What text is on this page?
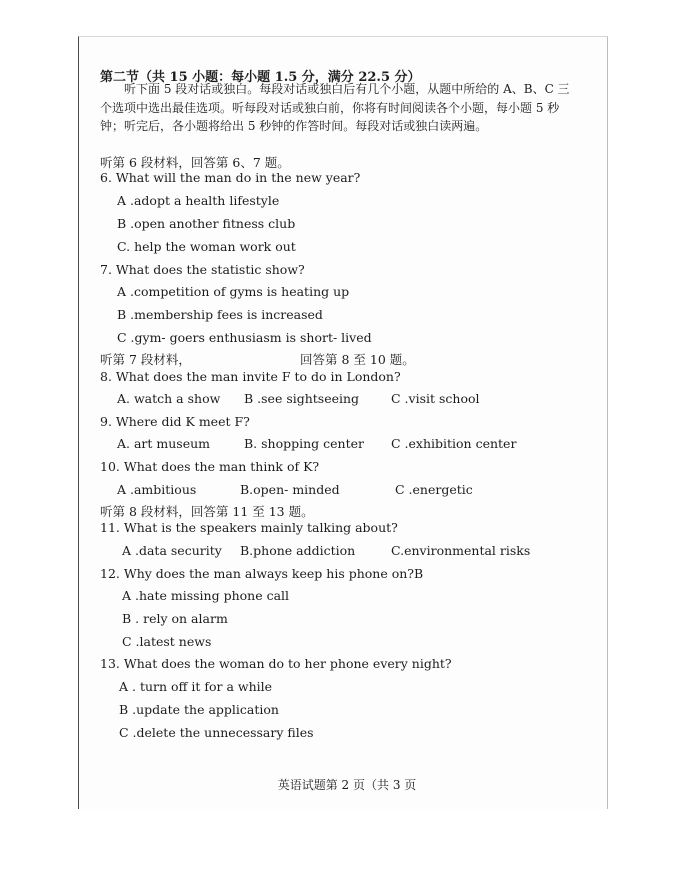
第二节（共 15 小题：每小题 1.5 分，满分 22.5 分）
听下面 5 段对话或独白。每段对话或独白后有几个小题，从题中所给的 A、B、C 三个选项中选出最佳选项。听每段对话或独白前，你将有时间阅读各个小题，每小题 5 秒钟；听完后，各小题将给出 5 秒钟的作答时间。每段对话或独白读两遍。
听第 6 段材料，回答第 6、7 题。
6. What will the man do in the new year?
A .adopt a health lifestyle
B .open another fitness club
C. help the woman work out
7. What does the statistic show?
A .competition of gyms is heating up
B .membership fees is increased
C .gym- goers enthusiasm is short- lived
听第 7 段材料，	回答第 8 至 10 题。
8. What does the man invite F to do in London?
A. watch a show B .see sightseeing	C .visit school
9. Where did K meet F?
A. art museum	B. shopping center C .exhibition center
10. What does the man think of K?
A .ambitious	B.open- minded	C .energetic
听第 8 段材料，回答第 11 至 13 题。
11. What is the speakers mainly talking about?
A .data security B.phone addiction	C.environmental risks
12. Why does the man always keep his phone on?B
A .hate missing phone call
B . rely on alarm
C .latest news
13. What does the woman do to her phone every night?
A . turn off it for a while
B .update the application
C .delete the unnecessary files
英语试题第 2 页（共 3 页
